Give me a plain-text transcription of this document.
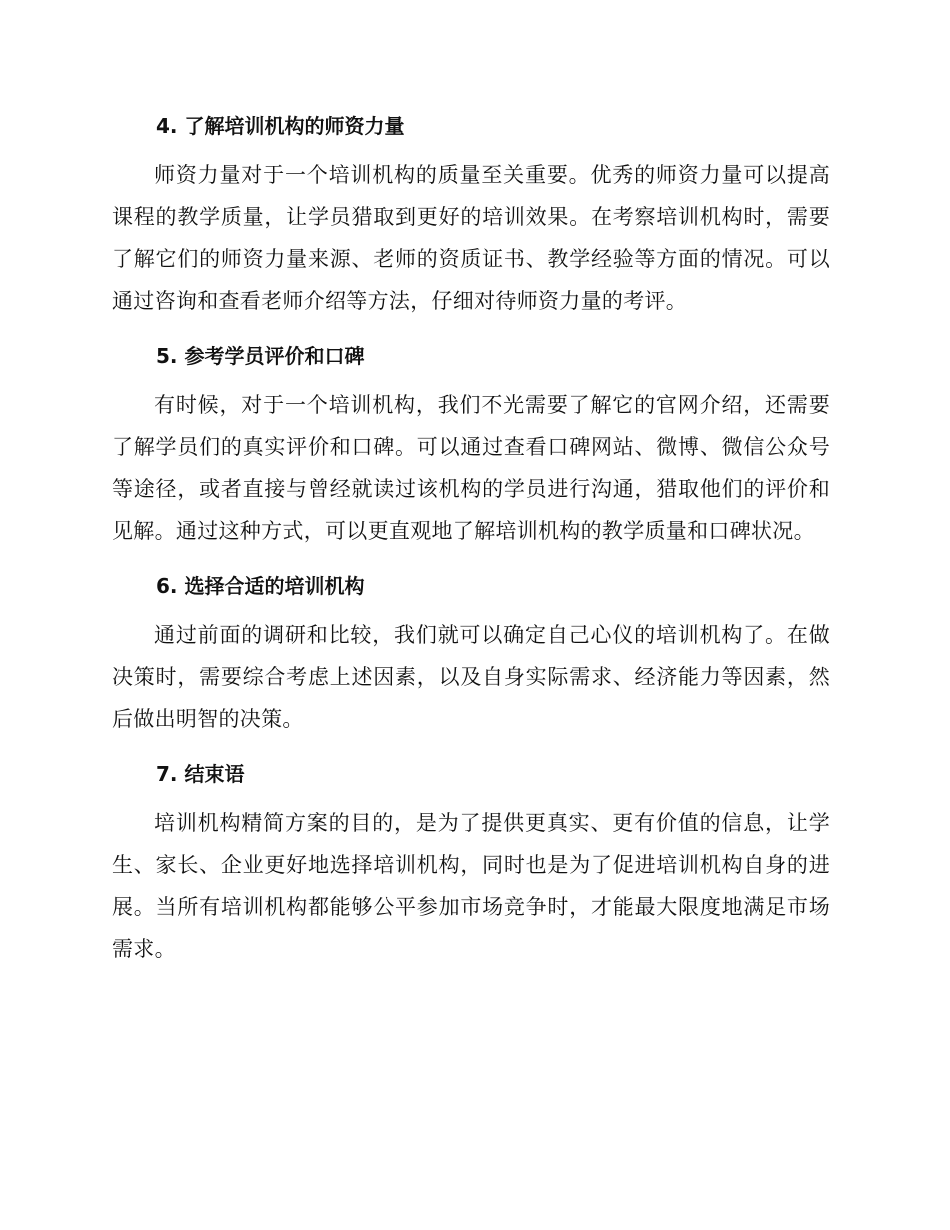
4. 了解培训机构的师资力量

师资力量对于一个培训机构的质量至关重要。优秀的师资力量可以提高课程的教学质量，让学员猎取到更好的培训效果。在考察培训机构时，需要了解它们的师资力量来源、老师的资质证书、教学经验等方面的情况。可以通过咨询和查看老师介绍等方法，仔细对待师资力量的考评。

5. 参考学员评价和口碑

有时候，对于一个培训机构，我们不光需要了解它的官网介绍，还需要了解学员们的真实评价和口碑。可以通过查看口碑网站、微博、微信公众号等途径，或者直接与曾经就读过该机构的学员进行沟通，猎取他们的评价和见解。通过这种方式，可以更直观地了解培训机构的教学质量和口碑状况。

6. 选择合适的培训机构

通过前面的调研和比较，我们就可以确定自己心仪的培训机构了。在做决策时，需要综合考虑上述因素，以及自身实际需求、经济能力等因素，然后做出明智的决策。

7. 结束语

培训机构精简方案的目的，是为了提供更真实、更有价值的信息，让学生、家长、企业更好地选择培训机构，同时也是为了促进培训机构自身的进展。当所有培训机构都能够公平参加市场竞争时，才能最大限度地满足市场需求。
